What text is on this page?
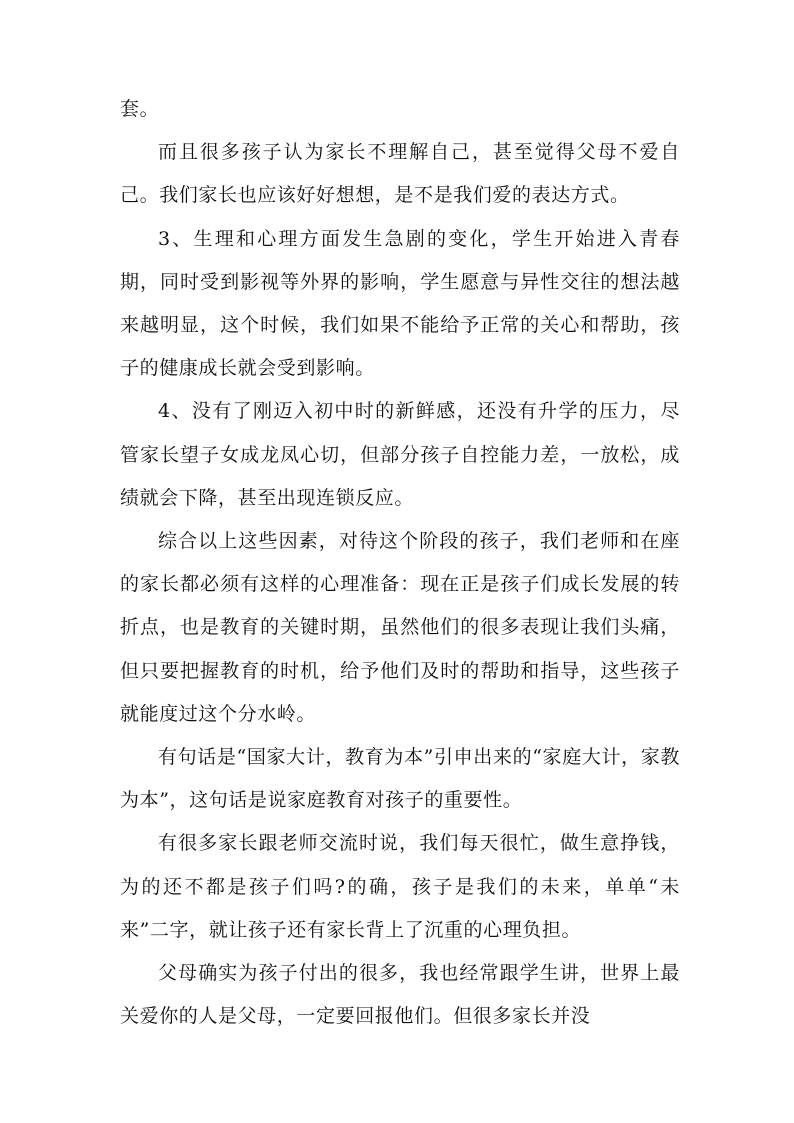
套。

而且很多孩子认为家长不理解自己，甚至觉得父母不爱自己。我们家长也应该好好想想，是不是我们爱的表达方式。

3、生理和心理方面发生急剧的变化，学生开始进入青春期，同时受到影视等外界的影响，学生愿意与异性交往的想法越来越明显，这个时候，我们如果不能给予正常的关心和帮助，孩子的健康成长就会受到影响。

4、没有了刚迈入初中时的新鲜感，还没有升学的压力，尽管家长望子女成龙凤心切，但部分孩子自控能力差，一放松，成绩就会下降，甚至出现连锁反应。

综合以上这些因素，对待这个阶段的孩子，我们老师和在座的家长都必须有这样的心理准备：现在正是孩子们成长发展的转折点，也是教育的关键时期，虽然他们的很多表现让我们头痛，但只要把握教育的时机，给予他们及时的帮助和指导，这些孩子就能度过这个分水岭。

有句话是“国家大计，教育为本”引申出来的“家庭大计，家教为本”，这句话是说家庭教育对孩子的重要性。

有很多家长跟老师交流时说，我们每天很忙，做生意挣钱，为的还不都是孩子们吗?的确，孩子是我们的未来，单单“未来”二字，就让孩子还有家长背上了沉重的心理负担。

父母确实为孩子付出的很多，我也经常跟学生讲，世界上最关爱你的人是父母，一定要回报他们。但很多家长并没
